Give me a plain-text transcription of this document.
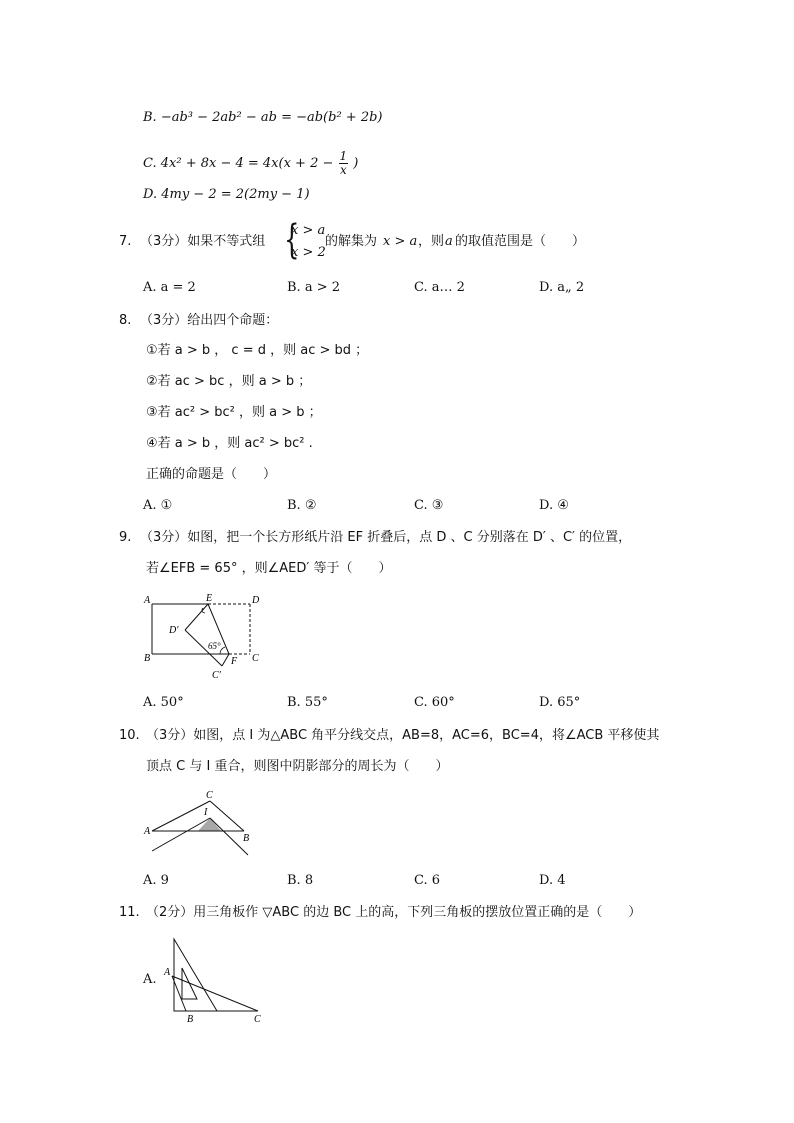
B. −ab³ − 2ab² − ab = −ab(b² + 2b)
C. $4x^2 + 8x - 4 = 4x(x + 2 - \frac{1}{x}$ )
D. 4my − 2 = 2(2my − 1)
7. （3分）如果不等式组 {
x > a
x > 2
的解集为 x > a ，则 a 的取值范围是（　　）
A. a = 2	B. a > 2	C. a… 2	D. a„ 2
8. （3分）给出四个命题：
①若 a > b ， c = d ，则 ac > bd ；
②若 ac > bc ，则 a > b ；
③若 ac² > bc² ，则 a > b ；
④若 a > b ，则 ac² > bc² .
正确的命题是（　　）
A. ①	B. ②	C. ③	D. ④
9. （3分）如图，把一个长方形纸片沿 EF 折叠后，点 D 、C 分别落在 D′ 、C′ 的位置，
若∠EFB = 65° ，则∠AED′ 等于（　　）
A	E	D
D′
65°
B	F C
C′
A. 50°	B. 55°	C. 60°	D. 65°
10. （3分）如图，点 I 为△ABC 角平分线交点，AB=8，AC=6，BC=4，将∠ACB 平移使其
顶点 C 与 I 重合，则图中阴影部分的周长为（　　）
C
I
A
B
A. 9	B. 8	C. 6	D. 4
11. （2分）用三角板作 ▽ABC 的边 BC 上的高，下列三角板的摆放位置正确的是（　　）
A. A
B	C
